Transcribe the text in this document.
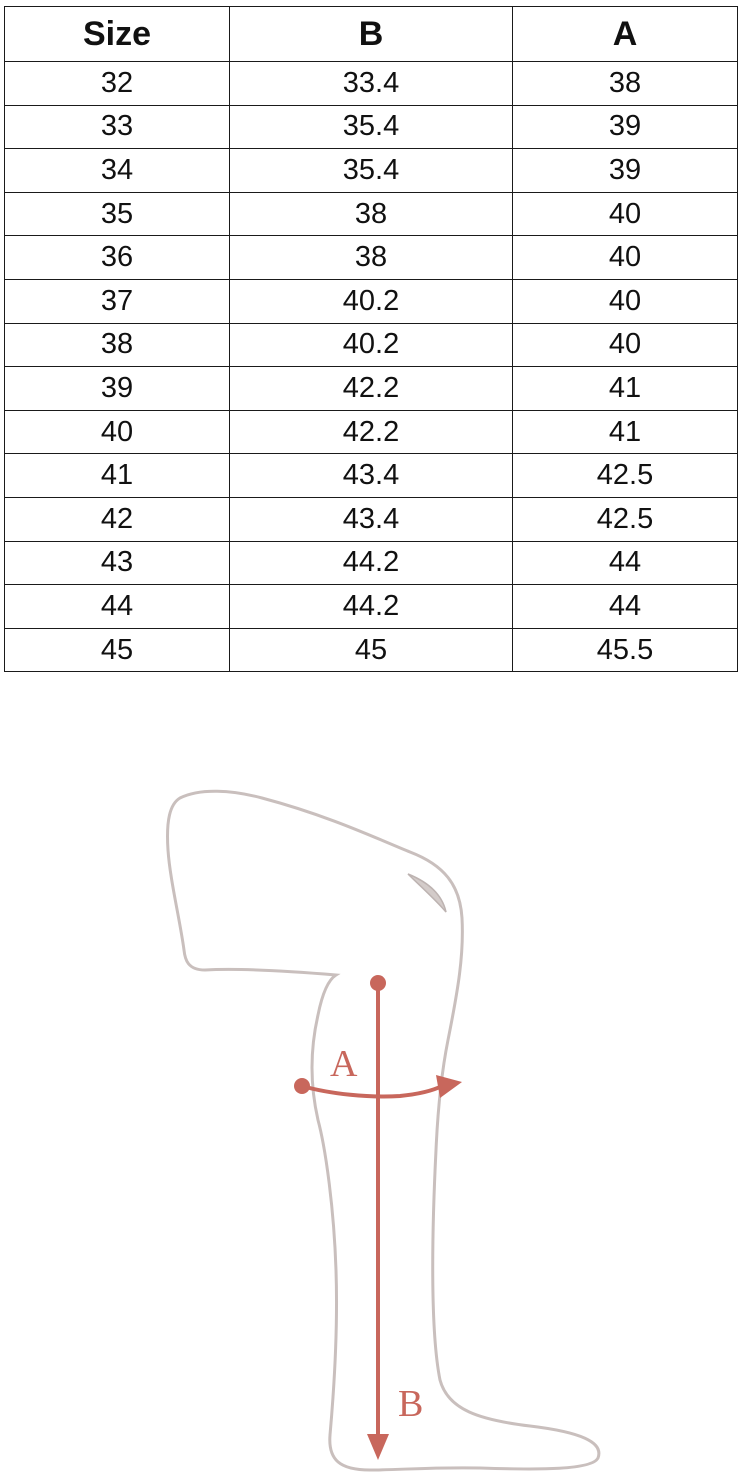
Size	B	A
32	33.4	38
33	35.4	39
34	35.4	39
35	38	40
36	38	40
37	40.2	40
38	40.2	40
39	42.2	41
40	42.2	41
41	43.4	42.5
42	43.4	42.5
43	44.2	44
44	44.2	44
45	45	45.5
A
B
